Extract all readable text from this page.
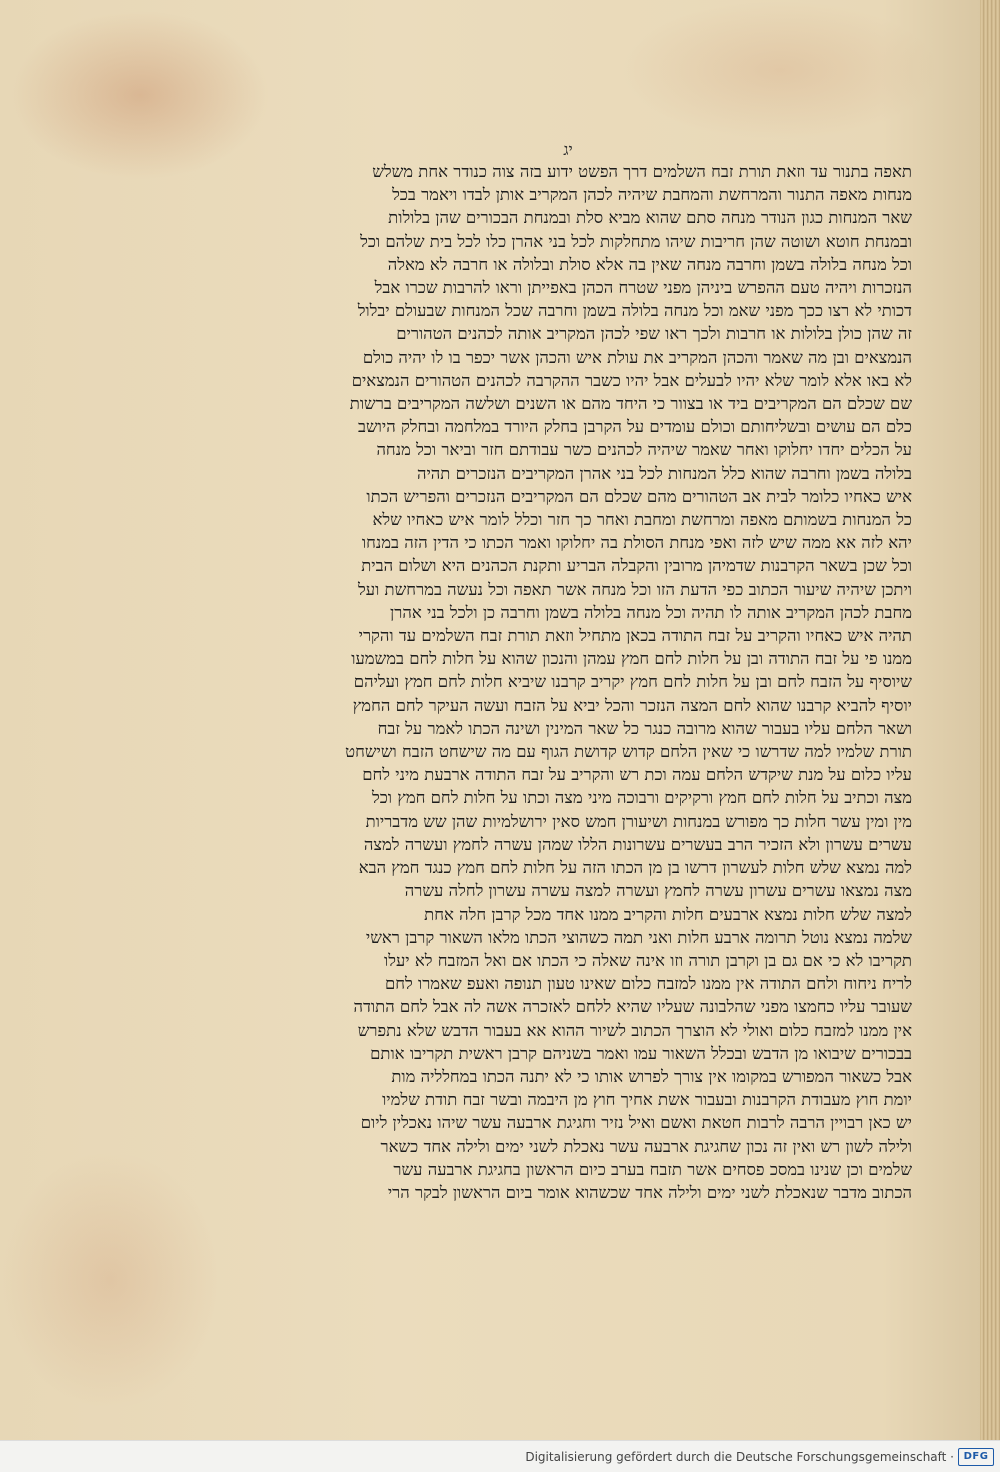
יג
תאפה בתנור עד וזאת תורת זבח השלמים דרך הפשט ידוע בזה צוה כנודר אחת משלש
מנחות מאפה התנור והמרחשת והמחבת שיהיה לכהן המקריב אותן לבדו ויאמר בכל
שאר המנחות כגון הנודר מנחה סתם שהוא מביא סלת ובמנחת הבכורים שהן בלולות
ובמנחת חוטא ושוטה שהן חריבות שיהו מתחלקות לכל בני אהרן כלו לכל בית שלהם וכל
וכל מנחה בלולה בשמן וחרבה מנחה שאין בה אלא סולת ובלולה או חרבה לא מאלה
הנזכרות ויהיה טעם ההפרש ביניהן מפני שטרח הכהן באפייתן וראו להרבות שכרו אבל
דכותי לא רצו ככך מפני שאמ וכל מנחה בלולה בשמן וחרבה שכל המנחות שבעולם יבלול
זה שהן כולן בלולות או חרבות ולכך ראו שפי לכהן המקריב אותה לכהנים הטהורים
הנמצאים ובן מה שאמר והכהן המקריב את עולת איש והכהן אשר יכפר בו לו יהיה כולם
לא באו אלא לומר שלא יהיו לבעלים אבל יהיו כשבר ההקרבה לכהנים הטהורים הנמצאים
שם שכלם הם המקריבים ביד או בצוור כי היחד מהם או השנים ושלשה המקריבים ברשות
כלם הם עושים ובשליחותם וכולם עומדים על הקרבן בחלק היורד במלחמה ובחלק היושב
על הכלים יחדו יחלוקו ואחר שאמר שיהיה לכהנים כשר עבודתם חזר וביאר וכל מנחה
בלולה בשמן וחרבה שהוא כלל המנחות לכל בני אהרן המקריבים הנזכרים תהיה
איש כאחיו כלומר לבית אב הטהורים מהם שכלם הם המקריבים הנזכרים והפריש הכתו
כל המנחות בשמותם מאפה ומרחשת ומחבת ואחר כך חזר וכלל לומר איש כאחיו שלא
יהא לזה אא ממה שיש לזה ואפי מנחת הסולת בה יחלוקו ואמר הכתו כי הדין הזה במנחו
וכל שכן בשאר הקרבנות שדמיהן מרובין והקבלה הבריע ותקנת הכהנים היא ושלום הבית
ויתכן שיהיה שיעור הכתוב כפי הדעת הזו וכל מנחה אשר תאפה וכל נעשה במרחשת ועל
מחבת לכהן המקריב אותה לו תהיה וכל מנחה בלולה בשמן וחרבה כן ולכל בני אהרן
תהיה איש כאחיו והקריב על זבח התודה בכאן מתחיל וזאת תורת זבח השלמים עד והקרי
ממנו פי על זבח התודה ובן על חלות לחם חמץ עמהן והנכון שהוא על חלות לחם במשמעו
שיוסיף על הזבח לחם ובן על חלות לחם חמץ יקריב קרבנו שיביא חלות לחם חמץ ועליהם
יוסיף להביא קרבנו שהוא לחם המצה הנזכר והכל יביא על הזבח ועשה העיקר לחם החמץ
ושאר הלחם עליו בעבור שהוא מרובה כנגר כל שאר המינין ושינה הכתו לאמר על זבח
תורת שלמיו למה שדרשו כי שאין הלחם קדוש קדושת הגוף עם מה שישחט הזבח ושישחט
עליו כלום על מנת שיקדש הלחם עמה וכת רש והקריב על זבח התודה ארבעת מיני לחם
מצה וכתיב על חלות לחם חמץ ורקיקים ורבוכה מיני מצה וכתו על חלות לחם חמץ וכל
מין ומין עשר חלות כך מפורש במנחות ושיעורן חמש סאין ירושלמיות שהן שש מדבריות
עשרים עשרון ולא הזכיר הרב בעשרים עשרונות הללו שמהן עשרה לחמץ ועשרה למצה
למה נמצא שלש חלות לעשרון דרשו בן מן הכתו הזה על חלות לחם חמץ כנגד חמץ הבא
מצה נמצאו עשרים עשרון עשרה לחמץ ועשרה למצה עשרה עשרון לחלה עשרה
למצה שלש חלות נמצא ארבעים חלות והקריב ממנו אחד מכל קרבן חלה אחת
שלמה נמצא נוטל תרומה ארבע חלות ואני תמה כשהוצי הכתו מלאו השאור קרבן ראשי
תקריבו לא כי אם גם בן וקרבן תורה וזו אינה שאלה כי הכתו אם ואל המזבח לא יעלו
לריח ניחוח ולחם התודה אין ממנו למזבח כלום שאינו טעון תנופה ואעפ שאמרו לחם
שעובר עליו כחמצו מפני שהלבונה שעליו שהיא ללחם לאזכרה אשה לה אבל לחם התודה
אין ממנו למזבח כלום ואולי לא הוצרך הכתוב לשיור ההוא אא בעבור הדבש שלא נתפרש
בבכורים שיבואו מן הדבש ובכלל השאור עמו ואמר בשניהם קרבן ראשית תקריבו אותם
אבל כשאור המפורש במקומו אין צורך לפרוש אותו כי לא יתנה הכתו במחלליה מות
יומת חוץ מעבודת הקרבנות ובעבור אשת אחיך חוץ מן היבמה ובשר זבח תודת שלמיו
יש כאן רבויין הרבה לרבות חטאת ואשם ואיל נזיר וחגיגת ארבעה עשר שיהו נאכלין ליום
ולילה לשון רש ואין זה נכון שחגיגת ארבעה עשר נאכלת לשני ימים ולילה אחד כשאר
שלמים וכן שנינו במסכ פסחים אשר תזבח בערב כיום הראשון בחגיגת ארבעה עשר
הכתוב מדבר שנאכלת לשני ימים ולילה אחד שכשהוא אומר ביום הראשון לבקר הרי
Digitalisierung gefördert durch die Deutsche Forschungsgemeinschaft · DFG
